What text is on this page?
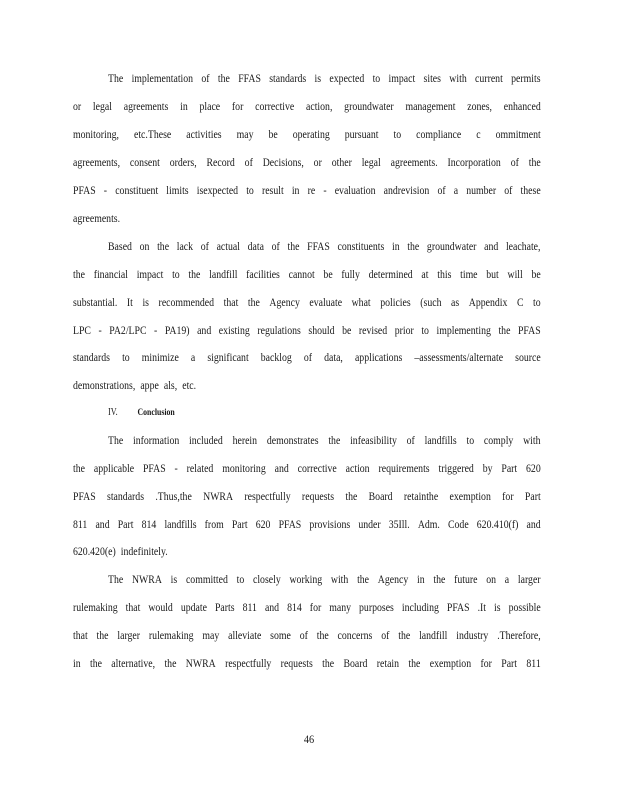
The implementation of the FFAS standards is expected to impact sites with current permits
or legal agreements in place for corrective action, groundwater management zones, enhanced
monitoring, etc.These activities may be operating pursuant to compliance c ommitment
agreements, consent orders, Record of Decisions, or other legal agreements. Incorporation of the
PFAS - constituent limits isexpected to result in re - evaluation andrevision of a number of these
agreements.
Based on the lack of actual data of the FFAS constituents in the groundwater and leachate,
the financial impact to the landfill facilities cannot be fully determined at this time but will be
substantial. It is recommended that the Agency evaluate what policies (such as Appendix C to
LPC - PA2/LPC - PA19) and existing regulations should be revised prior to implementing the PFAS
standards to minimize a significant backlog of data, applications –assessments/alternate source
demonstrations, appe als, etc.
IV. Conclusion
The information included herein demonstrates the infeasibility of landfills to comply with
the applicable PFAS - related monitoring and corrective action requirements triggered by Part 620
PFAS standards .Thus,the NWRA respectfully requests the Board retainthe exemption for Part
811 and Part 814 landfills from Part 620 PFAS provisions under 35Ill. Adm. Code 620.410(f) and
620.420(e) indefinitely.
The NWRA is committed to closely working with the Agency in the future on a larger
rulemaking that would update Parts 811 and 814 for many purposes including PFAS .It is possible
that the larger rulemaking may alleviate some of the concerns of the landfill industry .Therefore,
in the alternative, the NWRA respectfully requests the Board retain the exemption for Part 811
46
